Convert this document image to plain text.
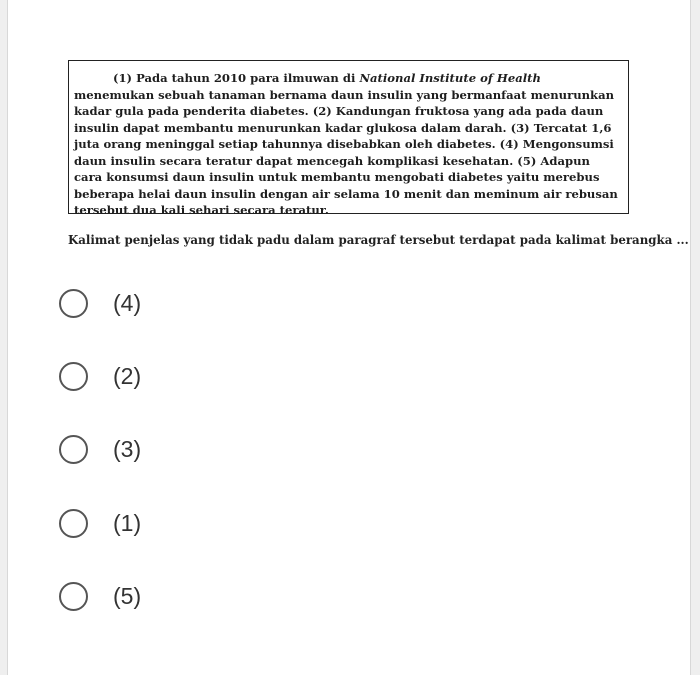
(1) Pada tahun 2010 para ilmuwan di National Institute of Health menemukan sebuah tanaman bernama daun insulin yang bermanfaat menurunkan kadar gula pada penderita diabetes. (2) Kandungan fruktosa yang ada pada daun insulin dapat membantu menurunkan kadar glukosa dalam darah. (3) Tercatat 1,6 juta orang meninggal setiap tahunnya disebabkan oleh diabetes. (4) Mengonsumsi daun insulin secara teratur dapat mencegah komplikasi kesehatan. (5) Adapun cara konsumsi daun insulin untuk membantu mengobati diabetes yaitu merebus beberapa helai daun insulin dengan air selama 10 menit dan meminum air rebusan tersebut dua kali sehari secara teratur.

Kalimat penjelas yang tidak padu dalam paragraf tersebut terdapat pada kalimat berangka ...
(4)
(2)
(3)
(1)
(5)
